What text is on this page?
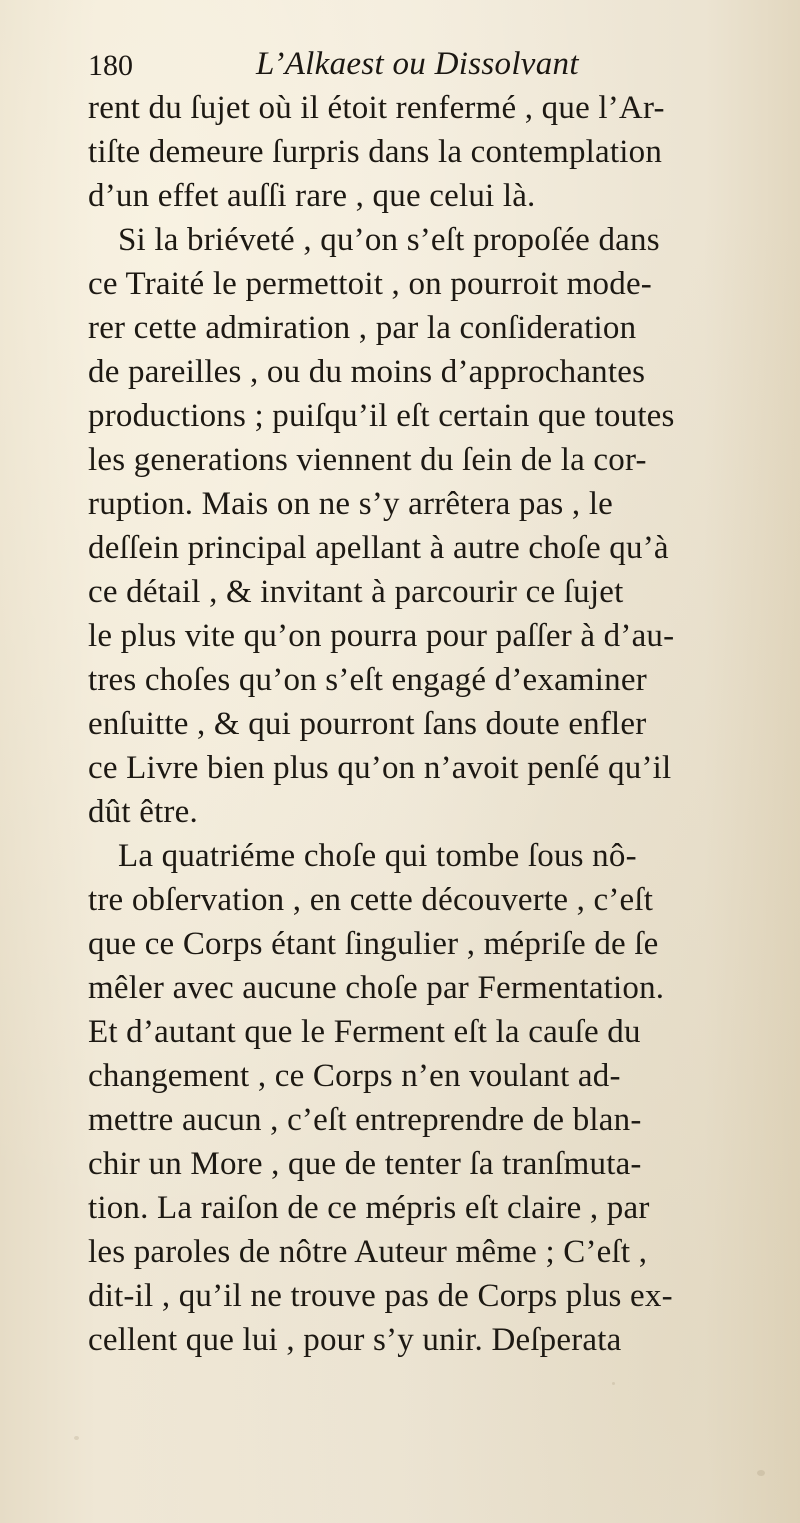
180	L’Alkaest ou Dissolvant
rent du ſujet où il étoit renfermé , que l’Ar-
tiſte demeure ſurpris dans la contemplation
d’un effet auſſi rare , que celui là.
Si la briéveté , qu’on s’eſt propoſée dans
ce Traité le permettoit , on pourroit mode-
rer cette admiration , par la conſideration
de pareilles , ou du moins d’approchantes
productions ; puiſqu’il eſt certain que toutes
les generations viennent du ſein de la cor-
ruption. Mais on ne s’y arrêtera pas , le
deſſein principal apellant à autre choſe qu’à
ce détail , & invitant à parcourir ce ſujet
le plus vite qu’on pourra pour paſſer à d’au-
tres choſes qu’on s’eſt engagé d’examiner
enſuitte , & qui pourront ſans doute enfler
ce Livre bien plus qu’on n’avoit penſé qu’il
dût être.
La quatriéme choſe qui tombe ſous nô-
tre obſervation , en cette découverte , c’eſt
que ce Corps étant ſingulier , mépriſe de ſe
mêler avec aucune choſe par Fermentation.
Et d’autant que le Ferment eſt la cauſe du
changement , ce Corps n’en voulant ad-
mettre aucun , c’eſt entreprendre de blan-
chir un More , que de tenter ſa tranſmuta-
tion. La raiſon de ce mépris eſt claire , par
les paroles de nôtre Auteur même ; C’eſt ,
dit-il , qu’il ne trouve pas de Corps plus ex-
cellent que lui , pour s’y unir. Deſperata
